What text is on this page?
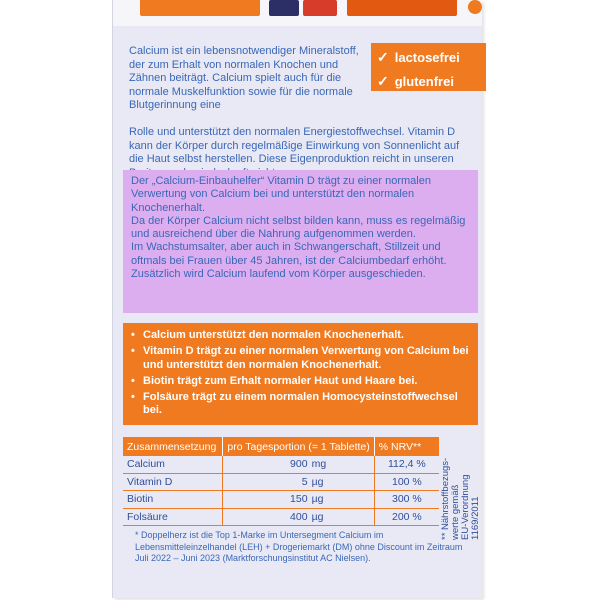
Calcium ist ein lebensnotwendiger Mineralstoff, der zum Erhalt von normalen Knochen und Zähnen beiträgt. Calcium spielt auch für die normale Muskelfunktion sowie für die normale Blutgerinnung eine
Rolle und unterstützt den normalen Energiestoffwechsel. Vitamin D kann der Körper durch regelmäßige Einwirkung von Sonnenlicht auf die Haut selbst herstellen. Diese Eigenproduktion reicht in unseren
✓ lactosefrei
✓ glutenfrei

Der „Calcium-Einbauhelfer“ Vitamin D trägt zu einer normalen Verwertung von Calcium bei und unterstützt den normalen Knochenerhalt.

Da der Körper Calcium nicht selbst bilden kann, muss es regelmäßig und ausreichend über die Nahrung aufgenommen werden.

Im Wachstumsalter, aber auch in Schwangerschaft, Stillzeit und oftmals bei Frauen über 45 Jahren, ist der Calciumbedarf erhöht. Zusätzlich wird Calcium laufend vom Körper ausgeschieden.

• Calcium unterstützt den normalen Knochenerhalt.
• Vitamin D trägt zu einer normalen Verwertung von Calcium bei und unterstützt den normalen Knochenerhalt.
• Biotin trägt zum Erhalt normaler Haut und Haare bei.
• Folsäure trägt zu einem normalen Homocysteinstoffwechsel bei.
Zusammensetzung	pro Tagesportion (= 1 Tablette)	% NRV**
Calcium	900 mg	112,4 %
Vitamin D	5 µg	100 %
Biotin	150 µg	300 %
Folsäure	400 µg	200 % ** Nährstoffbezugs- werte gemäß EU-Verordnung 1169/2011
* Doppelherz ist die Top 1-Marke im Untersegment Calcium im Lebensmitteleinzelhandel (LEH) + Drogeriemarkt (DM) ohne Discount im Zeitraum Juli 2022 – Juni 2023 (Marktforschungsinstitut AC Nielsen).
